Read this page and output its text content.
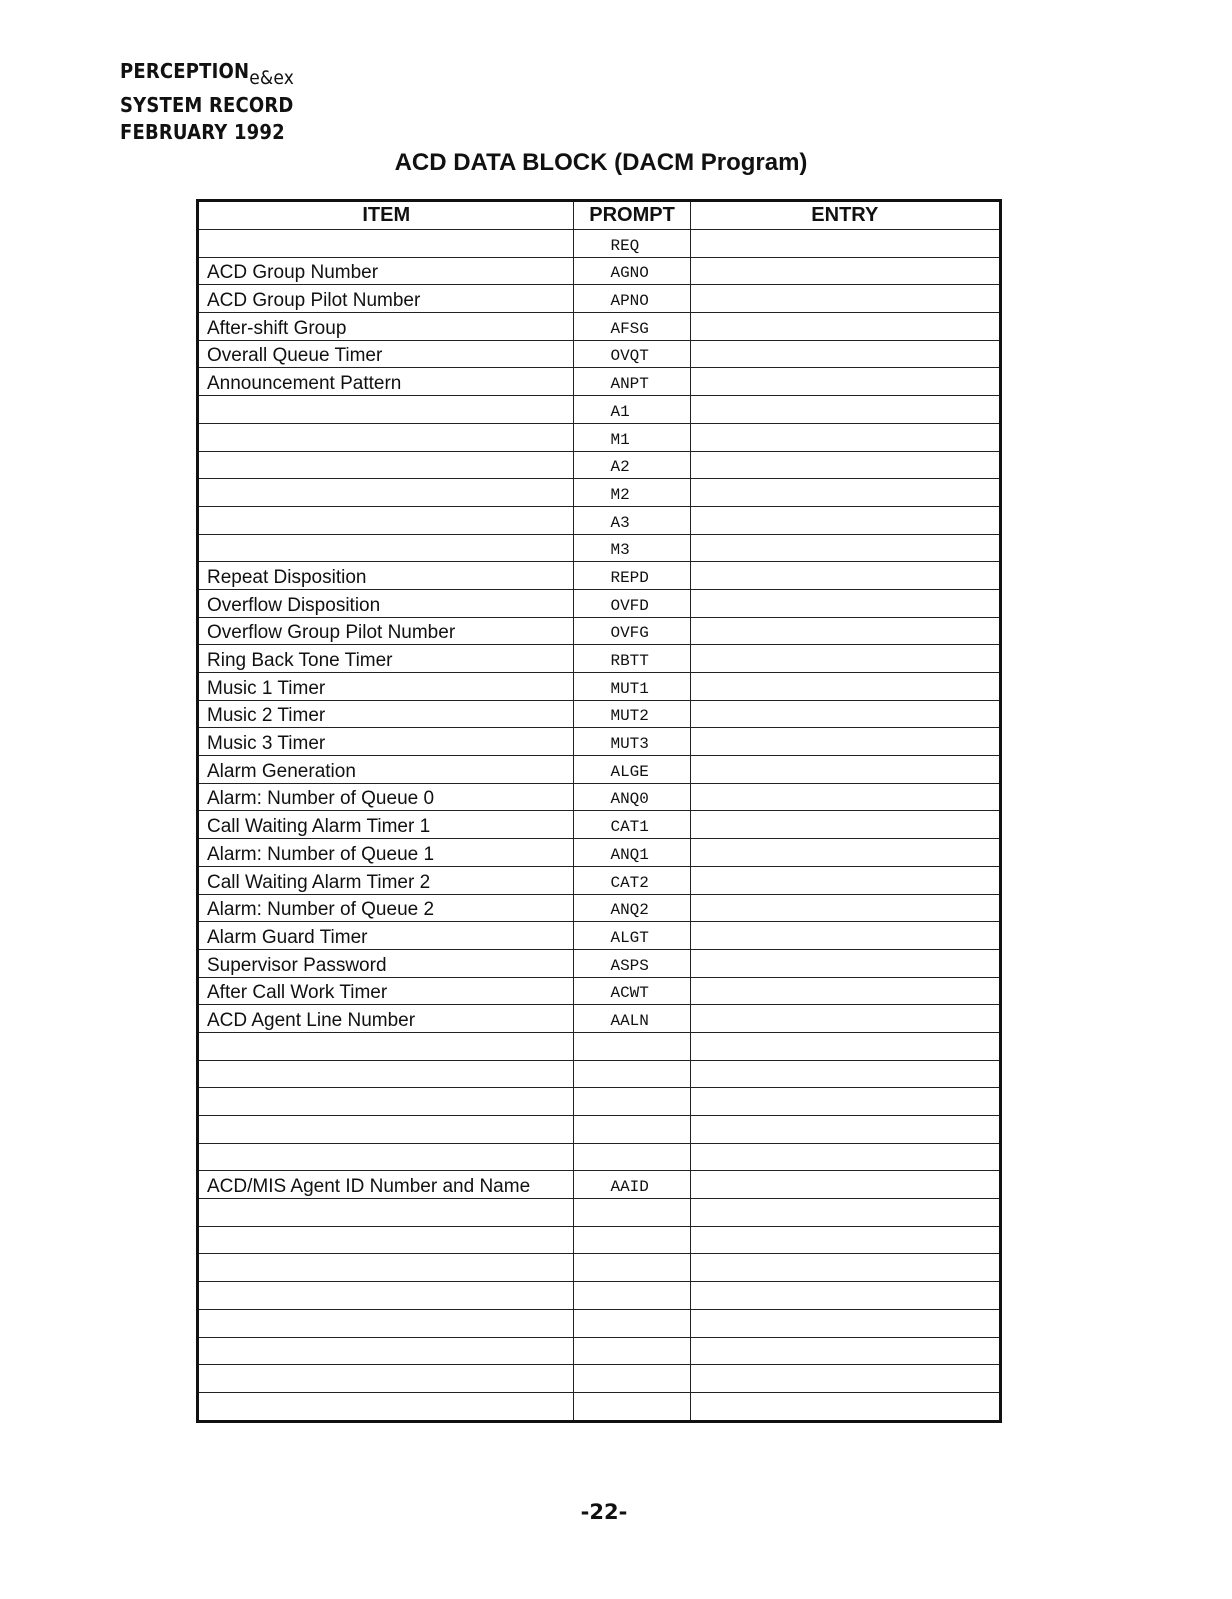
PERCEPTIONe&ex
SYSTEM RECORD
FEBRUARY 1992
ACD DATA BLOCK (DACM Program)
ITEM	PROMPT	ENTRY
	REQ	
ACD Group Number	AGNO	
ACD Group Pilot Number	APNO	
After-shift Group	AFSG	
Overall Queue Timer	OVQT	
Announcement Pattern	ANPT	
	A1	
	M1	
	A2	
	M2	
	A3	
	M3	
Repeat Disposition	REPD	
Overflow Disposition	OVFD	
Overflow Group Pilot Number	OVFG	
Ring Back Tone Timer	RBTT	
Music 1 Timer	MUT1	
Music 2 Timer	MUT2	
Music 3 Timer	MUT3	
Alarm Generation	ALGE	
Alarm: Number of Queue 0	ANQ0	
Call Waiting Alarm Timer 1	CAT1	
Alarm: Number of Queue 1	ANQ1	
Call Waiting Alarm Timer 2	CAT2	
Alarm: Number of Queue 2	ANQ2	
Alarm Guard Timer	ALGT	
Supervisor Password	ASPS	
After Call Work Timer	ACWT	
ACD Agent Line Number	AALN	

ACD/MIS Agent ID Number and Name	AAID	

-22-
